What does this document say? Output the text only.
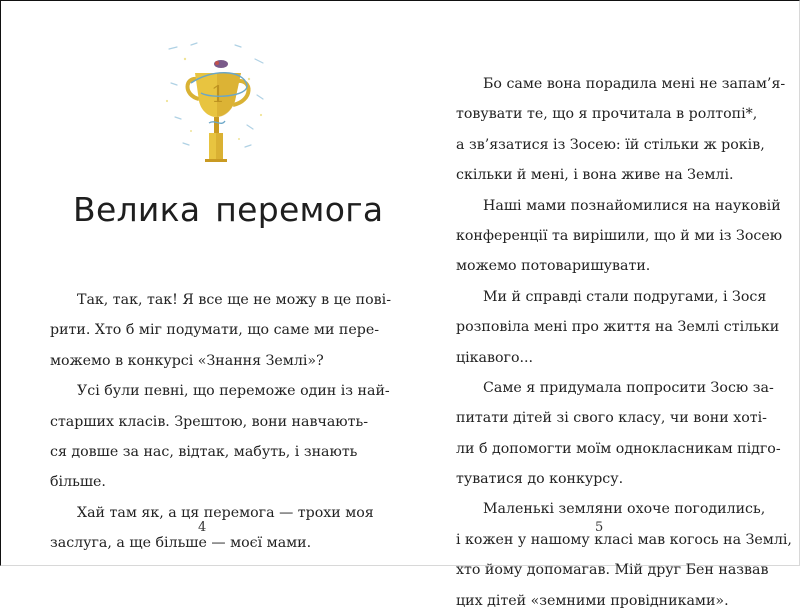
1
Велика перемога
Так, так, так! Я все ще не можу в це пові-
рити. Хто б міг подумати, що саме ми пере-
можемо в конкурсі «Знання Землі»?
Усі були певні, що переможе один із най-
старших класів. Зрештою, вони навчають-
ся довше за нас, відтак, мабуть, і знають
більше.
Хай там як, а ця перемога — трохи моя
заслуга, а ще більше — моєї мами.
4
Бо саме вона порадила мені не запам’я-
товувати те, що я прочитала в ролтопі*,
а зв’язатися із Зосею: їй стільки ж років,
скільки й мені, і вона живе на Землі.
Наші мами познайомилися на науковій
конференції та вирішили, що й ми із Зосею
можемо потоваришувати.
Ми й справді стали подругами, і Зося
розповіла мені про життя на Землі стільки
цікавого...
Саме я придумала попросити Зосю за-
питати дітей зі свого класу, чи вони хоті-
ли б допомогти моїм однокласникам підго-
туватися до конкурсу.
Маленькі земляни охоче погодились,
і кожен у нашому класі мав когось на Землі,
хто йому допомагав. Мій друг Бен назвав
цих дітей «земними провідниками».
5
